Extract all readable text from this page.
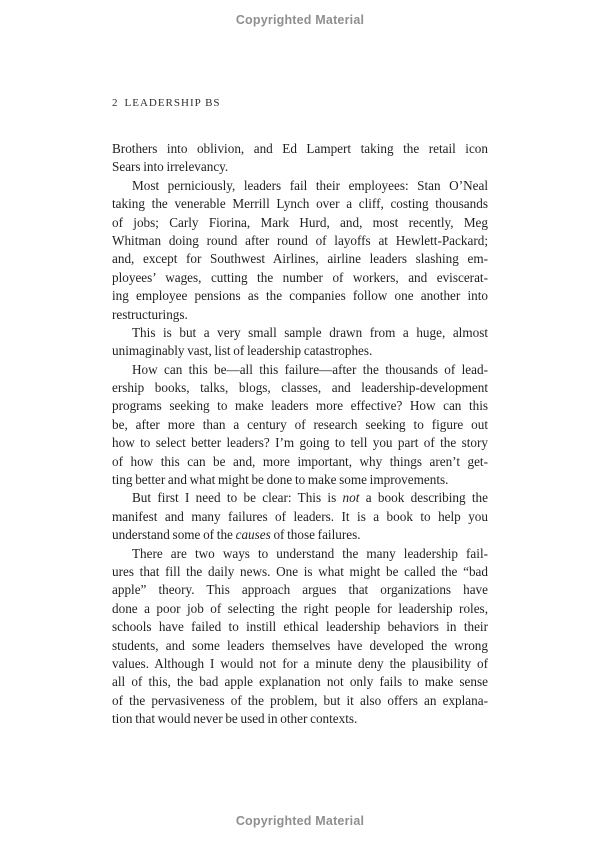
Copyrighted Material
2 LEADERSHIP BS
Brothers into oblivion, and Ed Lampert taking the retail icon
Sears into irrelevancy.
Most perniciously, leaders fail their employees: Stan O’Neal
taking the venerable Merrill Lynch over a cliff, costing thousands
of jobs; Carly Fiorina, Mark Hurd, and, most recently, Meg
Whitman doing round after round of layoffs at Hewlett-Packard;
and, except for Southwest Airlines, airline leaders slashing em-
ployees’ wages, cutting the number of workers, and eviscerat-
ing employee pensions as the companies follow one another into
restructurings.
This is but a very small sample drawn from a huge, almost
unimaginably vast, list of leadership catastrophes.
How can this be—all this failure—after the thousands of lead-
ership books, talks, blogs, classes, and leadership-development
programs seeking to make leaders more effective? How can this
be, after more than a century of research seeking to figure out
how to select better leaders? I’m going to tell you part of the story
of how this can be and, more important, why things aren’t get-
ting better and what might be done to make some improvements.
But first I need to be clear: This is not a book describing the
manifest and many failures of leaders. It is a book to help you
understand some of the causes of those failures.
There are two ways to understand the many leadership fail-
ures that fill the daily news. One is what might be called the “bad
apple” theory. This approach argues that organizations have
done a poor job of selecting the right people for leadership roles,
schools have failed to instill ethical leadership behaviors in their
students, and some leaders themselves have developed the wrong
values. Although I would not for a minute deny the plausibility of
all of this, the bad apple explanation not only fails to make sense
of the pervasiveness of the problem, but it also offers an explana-
tion that would never be used in other contexts.
Copyrighted Material
